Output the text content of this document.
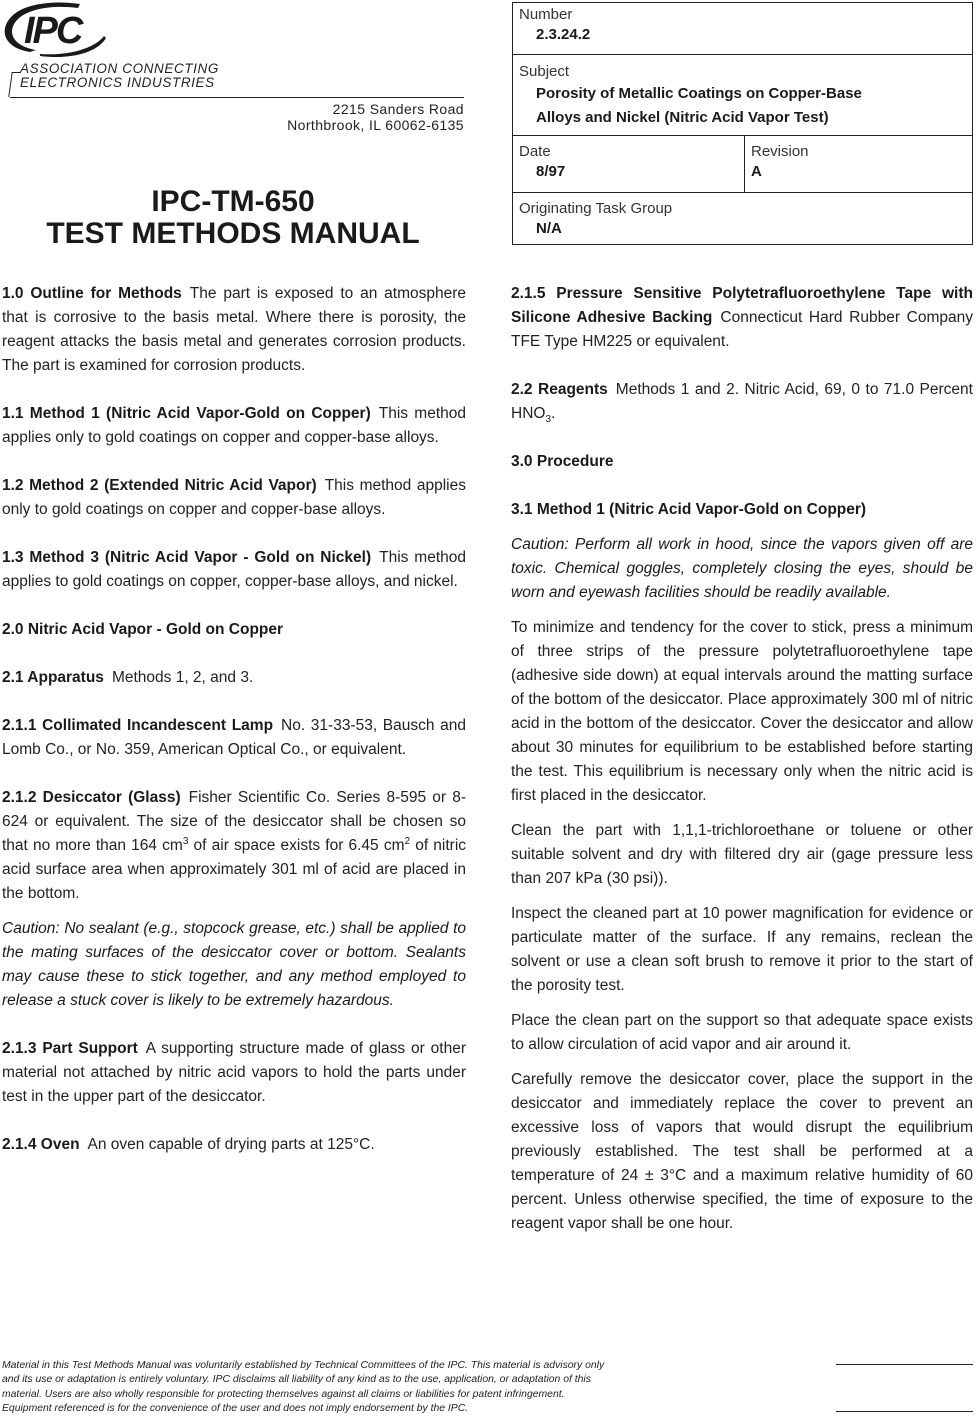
IPC
ASSOCIATION CONNECTING
ELECTRONICS INDUSTRIES
2215 Sanders Road
Northbrook, IL 60062-6135
IPC-TM-650
TEST METHODS MANUAL
Number
2.3.24.2
Subject
Porosity of Metallic Coatings on Copper-Base
Alloys and Nickel (Nitric Acid Vapor Test)
Date
8/97
Revision
A
Originating Task Group
N/A

1.0 Outline for Methods The part is exposed to an atmosphere that is corrosive to the basis metal. Where there is porosity, the reagent attacks the basis metal and generates corrosion products. The part is examined for corrosion products.

1.1 Method 1 (Nitric Acid Vapor-Gold on Copper) This method applies only to gold coatings on copper and copper-base alloys.

1.2 Method 2 (Extended Nitric Acid Vapor) This method applies only to gold coatings on copper and copper-base alloys.

1.3 Method 3 (Nitric Acid Vapor - Gold on Nickel) This method applies to gold coatings on copper, copper-base alloys, and nickel.

2.0 Nitric Acid Vapor - Gold on Copper

2.1 Apparatus Methods 1, 2, and 3.

2.1.1 Collimated Incandescent Lamp No. 31-33-53, Bausch and Lomb Co., or No. 359, American Optical Co., or equivalent.

2.1.2 Desiccator (Glass) Fisher Scientific Co. Series 8-595 or 8-624 or equivalent. The size of the desiccator shall be chosen so that no more than 164 $cm^3$ of air space exists for 6.45 $cm^2$ of nitric acid surface area when approximately 301 ml of acid are placed in the bottom.

Caution: No sealant (e.g., stopcock grease, etc.) shall be applied to the mating surfaces of the desiccator cover or bottom. Sealants may cause these to stick together, and any method employed to release a stuck cover is likely to be extremely hazardous.

2.1.3 Part Support A supporting structure made of glass or other material not attached by nitric acid vapors to hold the parts under test in the upper part of the desiccator.

2.1.4 Oven An oven capable of drying parts at 125°C.

2.1.5 Pressure Sensitive Polytetrafluoroethylene Tape with Silicone Adhesive Backing Connecticut Hard Rubber Company TFE Type HM225 or equivalent.

2.2 Reagents Methods 1 and 2. Nitric Acid, 69, 0 to 71.0 Percent $HNO_3$.

3.0 Procedure

3.1 Method 1 (Nitric Acid Vapor-Gold on Copper)

Caution: Perform all work in hood, since the vapors given off are toxic. Chemical goggles, completely closing the eyes, should be worn and eyewash facilities should be readily available.

To minimize and tendency for the cover to stick, press a minimum of three strips of the pressure polytetrafluoroethylene tape (adhesive side down) at equal intervals around the matting surface of the bottom of the desiccator. Place approximately 300 ml of nitric acid in the bottom of the desiccator. Cover the desiccator and allow about 30 minutes for equilibrium to be established before starting the test. This equilibrium is necessary only when the nitric acid is first placed in the desiccator.

Clean the part with 1,1,1-trichloroethane or toluene or other suitable solvent and dry with filtered dry air (gage pressure less than 207 kPa (30 psi)).

Inspect the cleaned part at 10 power magnification for evidence or particulate matter of the surface. If any remains, reclean the solvent or use a clean soft brush to remove it prior to the start of the porosity test.

Place the clean part on the support so that adequate space exists to allow circulation of acid vapor and air around it.

Carefully remove the desiccator cover, place the support in the desiccator and immediately replace the cover to prevent an excessive loss of vapors that would disrupt the equilibrium previously established. The test shall be performed at a temperature of 24 ± 3°C and a maximum relative humidity of 60 percent. Unless otherwise specified, the time of exposure to the reagent vapor shall be one hour.

Material in this Test Methods Manual was voluntarily established by Technical Committees of the IPC. This material is advisory only
and its use or adaptation is entirely voluntary. IPC disclaims all liability of any kind as to the use, application, or adaptation of this
material. Users are also wholly responsible for protecting themselves against all claims or liabilities for patent infringement.
Equipment referenced is for the convenience of the user and does not imply endorsement by the IPC.
